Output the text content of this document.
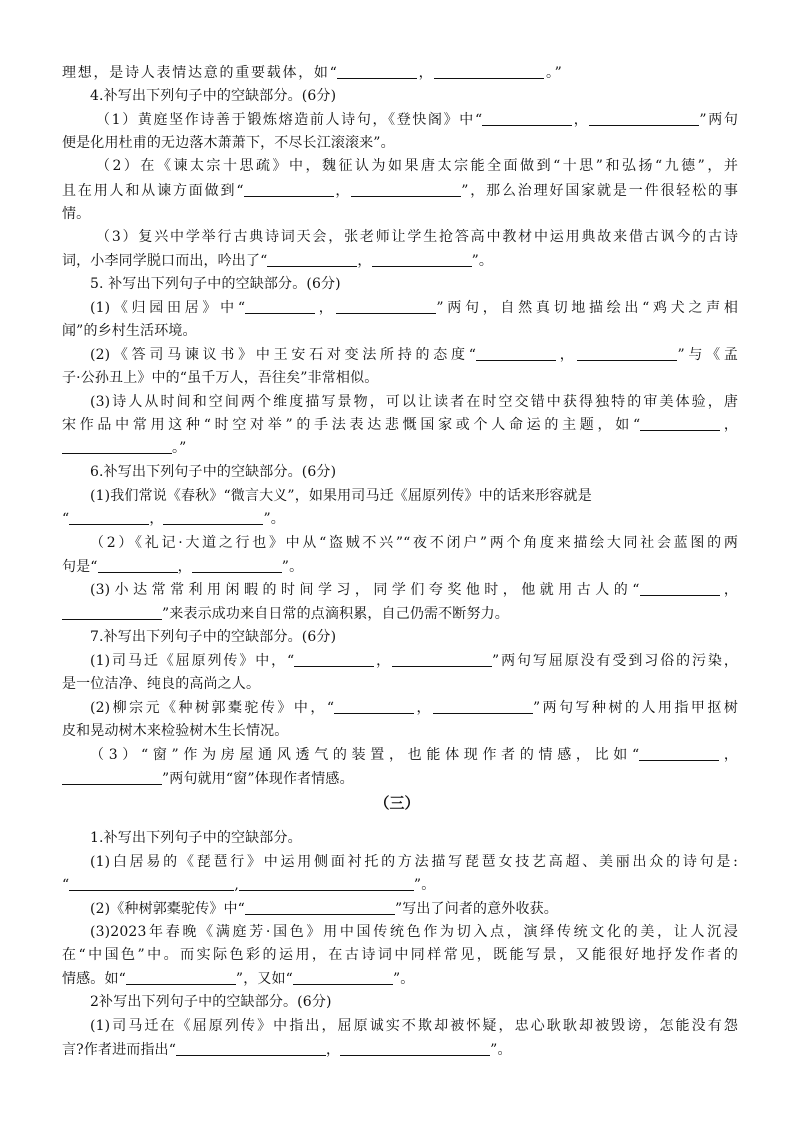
理想，是诗人表情达意的重要载体，如“	，	。”
4.补写出下列句子中的空缺部分。(6分)
（1）黄庭坚作诗善于锻炼熔造前人诗句，《登快阁》中“	，	”两句
便是化用杜甫的无边落木萧萧下，不尽长江滚滚来”。
（2）在《谏太宗十思疏》中，魏征认为如果唐太宗能全面做到“十思”和弘扬“九德”，并
且在用人和从谏方面做到“	，	”，那么治理好国家就是一件很轻松的事
情。
（3）复兴中学举行古典诗词天会，张老师让学生抢答高中教材中运用典故来借古讽今的古诗
词，小李同学脱口而出，吟出了“	，	”。
5. 补写出下列句子中的空缺部分。(6分)
(1)《归园田居》中“	，	”两句，自然真切地描绘出“鸡犬之声相
闻”的乡村生活环境。
(2)《答司马谏议书》中王安石对变法所持的态度“	，	”与《孟
子·公孙丑上》中的“虽千万人，吾往矣”非常相似。
(3)诗人从时间和空间两个维度描写景物，可以让读者在时空交错中获得独特的审美体验，唐
宋作品中常用这种“时空对举”的手法表达悲慨国家或个人命运的主题，如“	，
。”
6.补写出下列句子中的空缺部分。(6分)
(1)我们常说《春秋》“微言大义”，如果用司马迁《屈原列传》中的话来形容就是
“	，	”。
（2）《礼记·大道之行也》中从“盗贼不兴”“夜不闭户”两个角度来描绘大同社会蓝图的两
句是“	，	”。
(3)小达常常利用闲暇的时间学习，同学们夸奖他时，他就用古人的“	，
”来表示成功来自日常的点滴积累，自己仍需不断努力。
7.补写出下列句子中的空缺部分。(6分)
(1)司马迁《屈原列传》中，“	，	”两句写屈原没有受到习俗的污染，
是一位洁净、纯良的高尚之人。
(2)柳宗元《种树郭橐驼传》中，“	，	”两句写种树的人用指甲抠树
皮和晃动树木来检验树木生长情况。
（3）“窗”作为房屋通风透气的装置，也能体现作者的情感，比如“	，
”两句就用“窗”体现作者情感。
（三）
1.补写出下列句子中的空缺部分。
(1)白居易的《琵琶行》中运用侧面衬托的方法描写琵琶女技艺高超、美丽出众的诗句是:
“	,	”。
(2)《种树郭橐驼传》中“	”写出了问者的意外收获。
(3)2023年春晚《满庭芳·国色》用中国传统色作为切入点，演绎传统文化的美，让人沉浸
在“中国色”中。而实际色彩的运用，在古诗词中同样常见，既能写景，又能很好地抒发作者的
情感。如“	”，又如“	”。
2补写出下列句子中的空缺部分。(6分)
(1)司马迁在《屈原列传》中指出，屈原诚实不欺却被怀疑，忠心耿耿却被毁谤，怎能没有怨
言?作者进而指出“	，	”。
